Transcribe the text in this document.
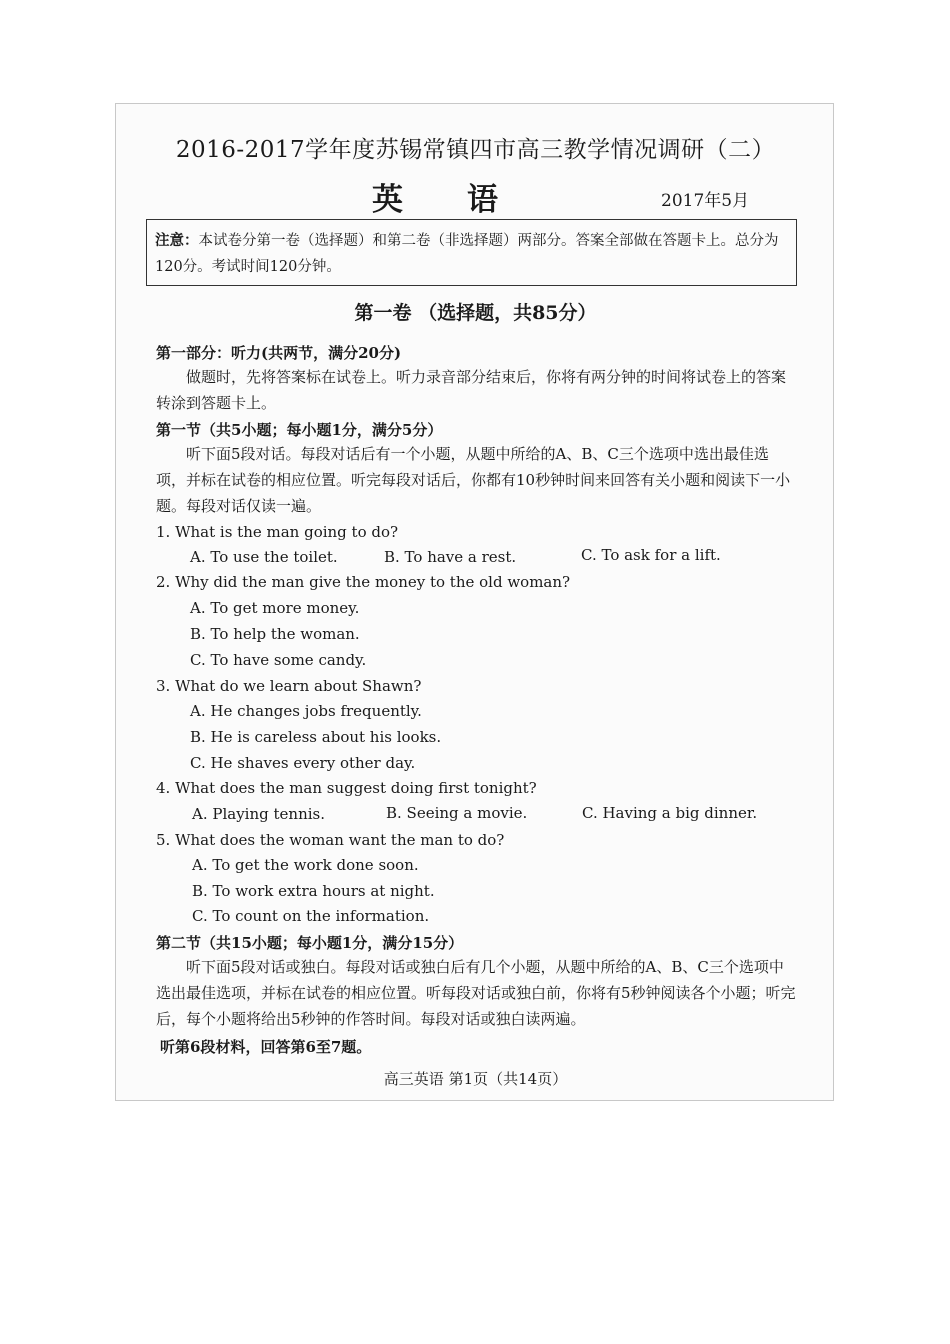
2016-2017学年度苏锡常镇四市高三教学情况调研（二）
英语	2017年5月
注意：本试卷分第一卷（选择题）和第二卷（非选择题）两部分。答案全部做在答题卡上。总分为120分。考试时间120分钟。
第一卷 （选择题，共85分）
第一部分：听力(共两节，满分20分)
做题时，先将答案标在试卷上。听力录音部分结束后，你将有两分钟的时间将试卷上的答案转涂到答题卡上。
第一节（共5小题；每小题1分，满分5分）
听下面5段对话。每段对话后有一个小题，从题中所给的A、B、C三个选项中选出最佳选项，并标在试卷的相应位置。听完每段对话后，你都有10秒钟时间来回答有关小题和阅读下一小题。每段对话仅读一遍。
1. What is the man going to do?
A. To use the toilet.	B. To have a rest.	C. To ask for a lift.
2. Why did the man give the money to the old woman?
A. To get more money.
B. To help the woman.
C. To have some candy.
3. What do we learn about Shawn?
A. He changes jobs frequently.
B. He is careless about his looks.
C. He shaves every other day.
4. What does the man suggest doing first tonight?
A. Playing tennis.	B. Seeing a movie.	C. Having a big dinner.
5. What does the woman want the man to do?
A. To get the work done soon.
B. To work extra hours at night.
C. To count on the information.
第二节（共15小题；每小题1分，满分15分）
听下面5段对话或独白。每段对话或独白后有几个小题，从题中所给的A、B、C三个选项中选出最佳选项，并标在试卷的相应位置。听每段对话或独白前，你将有5秒钟阅读各个小题；听完后，每个小题将给出5秒钟的作答时间。每段对话或独白读两遍。
听第6段材料，回答第6至7题。
高三英语 第1页（共14页）
